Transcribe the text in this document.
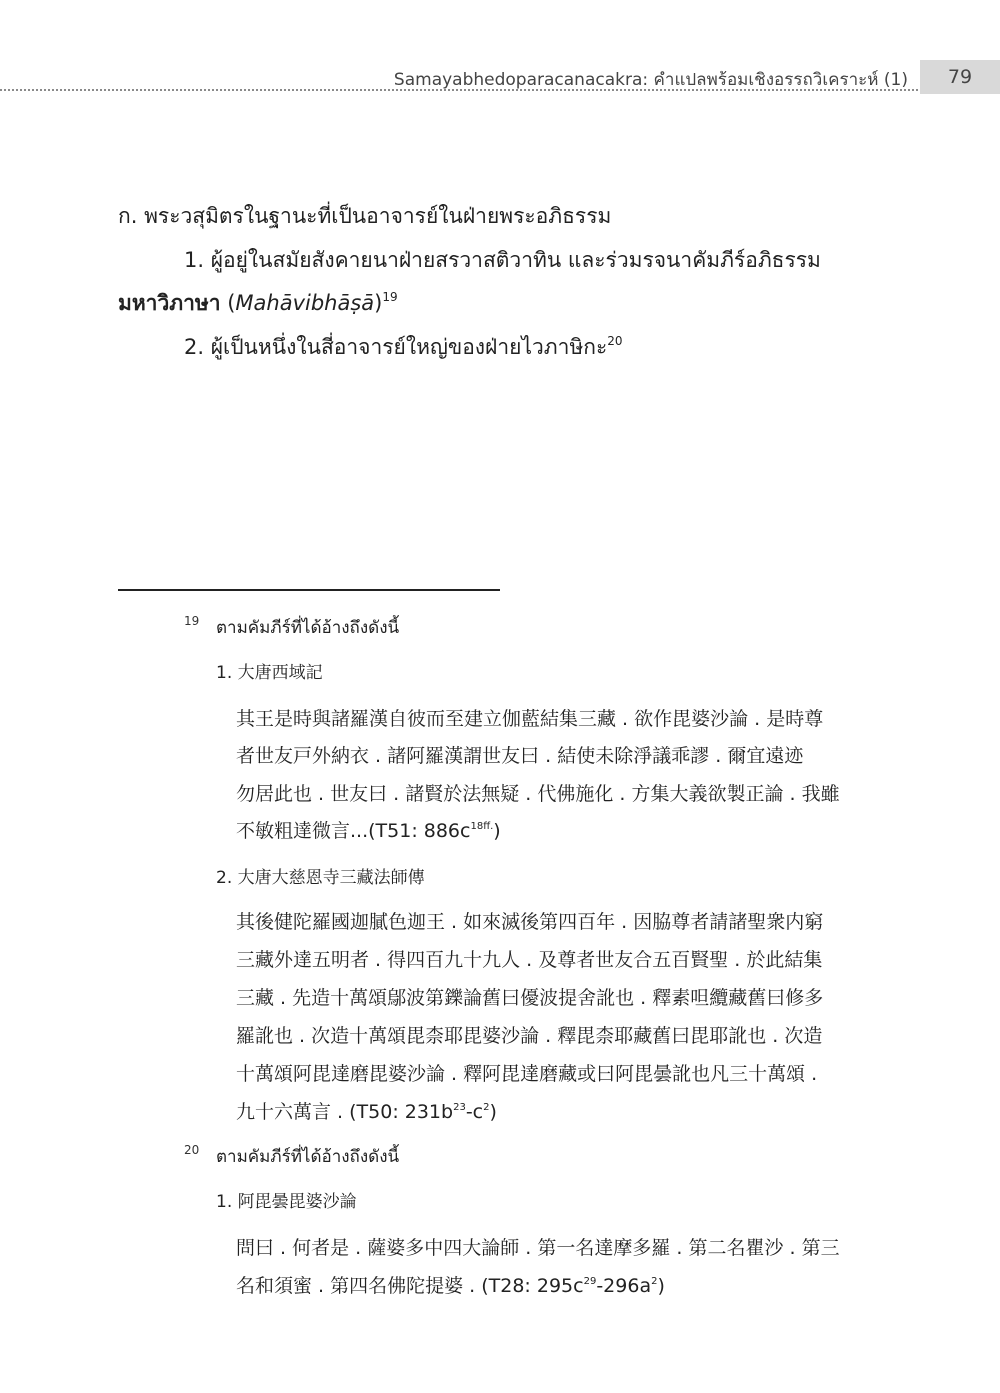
Samayabhedoparacanacakra: คำแปลพร้อมเชิงอรรถวิเคราะห์ (1)	79
ก. พระวสุมิตรในฐานะที่เป็นอาจารย์ในฝ่ายพระอภิธรรม
1. ผู้อยู่ในสมัยสังคายนาฝ่ายสรวาสติวาทิน และร่วมรจนาคัมภีร์อภิธรรม
มหาวิภาษา (Mahāvibhāṣā)$^{19}$
2. ผู้เป็นหนึ่งในสี่อาจารย์ใหญ่ของฝ่ายไวภาษิกะ$^{20}$
19 ตามคัมภีร์ที่ได้อ้างถึงดังนี้
1. 大唐西域記
其王是時與諸羅漢自彼而至建立伽藍結集三藏 . 欲作毘婆沙論 . 是時尊
者世友戸外納衣 . 諸阿羅漢謂世友曰 . 結使未除淨議乖謬 . 爾宜遠迹
勿居此也 . 世友曰 . 諸賢於法無疑 . 代佛施化 . 方集大義欲製正論 . 我雖
不敏粗達微言...(T51: $886c^{18ff.}$)
2. 大唐大慈恩寺三藏法師傳
其後健陀羅國迦膩色迦王 . 如來滅後第四百年 . 因脇尊者請諸聖衆内窮
三藏外達五明者 . 得四百九十九人 . 及尊者世友合五百賢聖 . 於此結集
三藏 . 先造十萬頌鄔波第鑠論舊曰優波提舍訛也 . 釋素呾纜藏舊曰修多
羅訛也 . 次造十萬頌毘柰耶毘婆沙論 . 釋毘柰耶藏舊曰毘耶訛也 . 次造
十萬頌阿毘達磨毘婆沙論 . 釋阿毘達磨藏或曰阿毘曇訛也凡三十萬頌 .
九十六萬言 . (T50: $231b^{23}-c^2$)
20 ตามคัมภีร์ที่ได้อ้างถึงดังนี้
1. 阿毘曇毘婆沙論
問曰 . 何者是 . 薩婆多中四大論師 . 第一名達摩多羅 . 第二名瞿沙 . 第三
名和須蜜 . 第四名佛陀提婆 . (T28: $295c^{29}-296a^2$)
